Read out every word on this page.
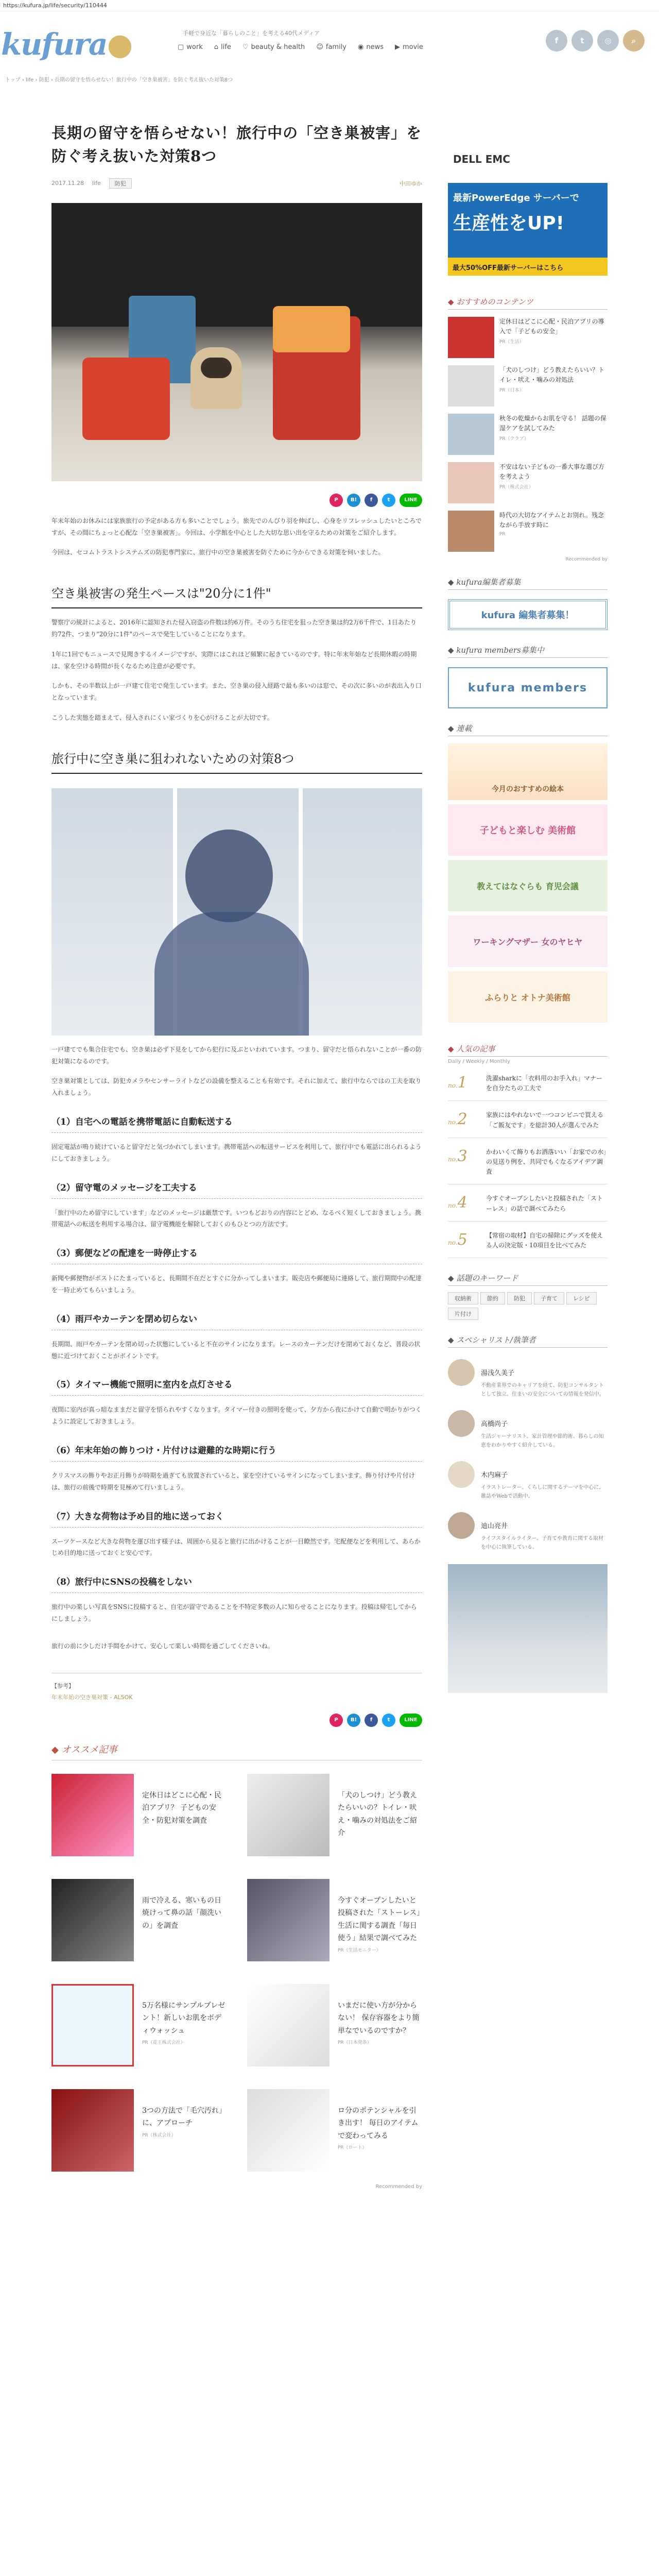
https://kufura.jp/life/security/110444
kufura●	手軽で身近な「暮らしのこと」を考える40代メディア
▢ work ⌂ life ♡ beauty & health ☺ family ◉ news ▶ movie
f	t	◎	⌕
トップ › life › 防犯 › 長期の留守を悟らせない！旅行中の「空き巣被害」を防ぐ考え抜いた対策8つ
長期の留守を悟らせない！旅行中の「空き巣被害」を防ぐ考え抜いた対策8つ
2017.11.28 life	防犯	中田ゆか
P	B!	f	t	LINE

年末年始のお休みには家族旅行の予定がある方も多いことでしょう。旅先でのんびり羽を伸ばし、心身をリフレッシュしたいところですが、その間にちょっと心配な「空き巣被害」。今回は、小学館を中心とした大切な思い出を守るための対策をご紹介します。

今回は、セコムトラストシステムズの防犯専門家に、旅行中の空き巣被害を防ぐために今からできる対策を伺いました。

空き巣被害の発生ペースは"20分に1件"

警察庁の統計によると、2016年に認知された侵入窃盗の件数は約6万件。そのうち住宅を狙った空き巣は約2万6千件で、1日あたり約72件、つまり"20分に1件"のペースで発生していることになります。

1年に1回でもニュースで見聞きするイメージですが、実際にはこれほど頻繁に起きているのです。特に年末年始など長期休暇の時期は、家を空ける時間が長くなるため注意が必要です。

しかも、その半数以上が一戸建て住宅で発生しています。また、空き巣の侵入経路で最も多いのは窓で、その次に多いのが表出入り口となっています。

こうした実態を踏まえて、侵入されにくい家づくりを心がけることが大切です。

旅行中に空き巣に狙われないための対策8つ

一戸建てでも集合住宅でも、空き巣は必ず下見をしてから犯行に及ぶといわれています。つまり、留守だと悟られないことが一番の防犯対策になるのです。

空き巣対策としては、防犯カメラやセンサーライトなどの設備を整えることも有効です。それに加えて、旅行中ならではの工夫を取り入れましょう。

（1）自宅への電話を携帯電話に自動転送する

固定電話が鳴り続けていると留守だと気づかれてしまいます。携帯電話への転送サービスを利用して、旅行中でも電話に出られるようにしておきましょう。

（2）留守電のメッセージを工夫する

「旅行中のため留守にしています」などのメッセージは厳禁です。いつもどおりの内容にとどめ、なるべく短くしておきましょう。携帯電話への転送を利用する場合は、留守電機能を解除しておくのもひとつの方法です。

（3）郵便などの配達を一時停止する

新聞や郵便物がポストにたまっていると、長期間不在だとすぐに分かってしまいます。販売店や郵便局に連絡して、旅行期間中の配達を一時止めてもらいましょう。

（4）雨戸やカーテンを閉め切らない

長期間、雨戸やカーテンを閉め切った状態にしていると不在のサインになります。レースのカーテンだけを閉めておくなど、普段の状態に近づけておくことがポイントです。

（5）タイマー機能で照明に室内を点灯させる

夜間に室内が真っ暗なままだと留守を悟られやすくなります。タイマー付きの照明を使って、夕方から夜にかけて自動で明かりがつくように設定しておきましょう。

（6）年末年始の飾りつけ・片付けは避難的な時期に行う

クリスマスの飾りやお正月飾りが時期を過ぎても放置されていると、家を空けているサインになってしまいます。飾り付けや片付けは、旅行の前後で時期を見極めて行いましょう。

（7）大きな荷物は予め目的地に送っておく

スーツケースなど大きな荷物を運び出す様子は、周囲から見ると旅行に出かけることが一目瞭然です。宅配便などを利用して、あらかじめ目的地に送っておくと安心です。

（8）旅行中にSNSの投稿をしない

旅行中の楽しい写真をSNSに投稿すると、自宅が留守であることを不特定多数の人に知らせることになります。投稿は帰宅してからにしましょう。

旅行の前に少しだけ手間をかけて、安心して楽しい時間を過ごしてくださいね。

【参考】
年末年始の空き巣対策 - ALSOK
P	B!	f	t	LINE
◆ オススメ記事
定休日はどこに心配・民泊アプリ？ 子どもの安全・防犯対策を調査
「犬のしつけ」どう教えたらいいの？トイレ・吠え・噛みの対処法をご紹介
雨で冷える、寒いもの日焼けって鼻の話「顔洗いの」を調査
今すぐオープンしたいと投稿された「ストーレス」生活に関する調査「毎日使う」結果で調べてみた
PR（生活モニター）
5万名様にサンプルプレゼント！新しいお肌をボディウォッシュ
PR（花王株式会社）
いまだに使い方が分からない！ 保存容器をより簡単なでいるのですか？
PR（日本発条）
3つの方法で「毛穴汚れ」に、アプローチ
PR（株式会社）
ロ分のポテンシャルを引き出す！ 毎日のアイテムで変わってみる
PR（ロート）
Recommended by
DELL EMC
最新PowerEdge サーバーで
生産性をUP!
最大50%OFF最新サーバーはこちら
◆ おすすめのコンテンツ
定休日はどこに心配・民泊アプリの導入で「子どもの安全」
PR（生活）
「犬のしつけ」どう教えたらいい？トイレ・吠え・噛みの対処法
PR（日本）
秋冬の乾燥からお肌を守る！ 話題の保湿ケアを試してみた
PR（クラブ）
不安はない子どもの一番大事な選び方を考えよう
PR（株式会社）
時代の大切なアイテムとお別れ。残念ながら手放す時に
PR
Recommended by
◆ kufura編集者募集
kufura 編集者募集！
◆ kufura members募集中
kufura members
◆ 連載
今月のおすすめの絵本
子どもと楽しむ 美術館
教えてはなぐらも 育児会議
ワーキングマザー 女のヤヒヤ
ふらりと オトナ美術館
◆ 人気の記事
Daily / Weekly / Monthly
no.1	洗濯sharkに「衣料用のお手入れ」マナーを自分たちの工夫で
no.2	家族にはやれないで一つコンビニで買える「ご飯友です」を総計30人が選んでみた
no.3	かわいくて飾りもお洒落いい「お家での水」の見送り例を、共同でもくなるアイデア調査
no.4	今すぐオープンしたいと投稿された「ストーレス」の話で調べてみたら
no.5	【常宿の取材】自宅の掃除にグッズを使える人の決定版・10項目を比べてみた
◆ 話題のキーワード
収納術	節約	防犯	子育て	レシピ片付け
◆ スペシャリスト/執筆者
湯浅久美子
不動産業界でのキャリアを経て、防犯コンサルタントとして独立。住まいの安全についての情報を発信中。
高橋尚子
生活ジャーナリスト。家計管理や節約術、暮らしの知恵をわかりやすく紹介している。
木内麻子
イラストレーター。くらしに関するテーマを中心に、雑誌やWebで活動中。
迪山亮井
ライフスタイルライター。子育てや教育に関する取材を中心に執筆している。
